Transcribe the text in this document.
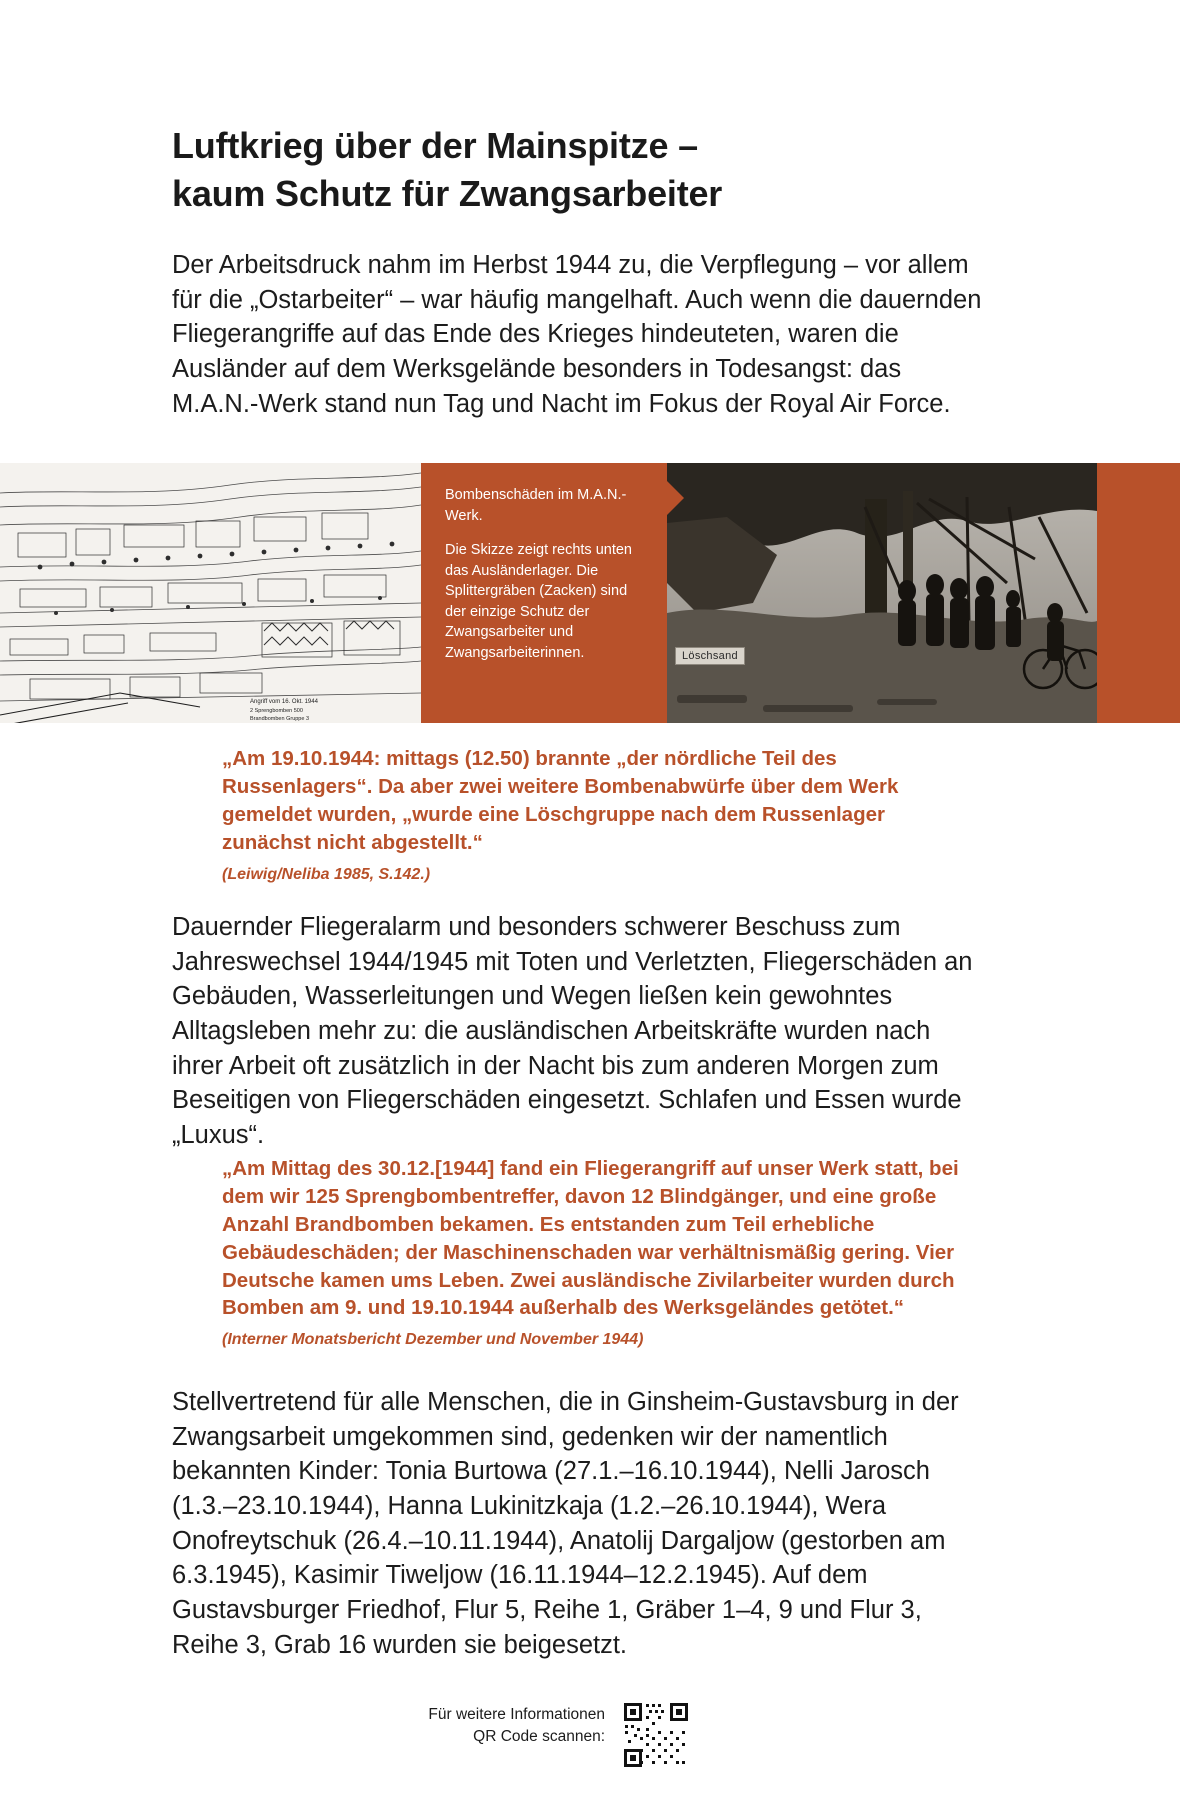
Luftkrieg über der Mainspitze –
kaum Schutz für Zwangsarbeiter
Der Arbeitsdruck nahm im Herbst 1944 zu, die Verpflegung – vor allem für die „Ostarbeiter“ – war häufig mangelhaft. Auch wenn die dauernden Fliegerangriffe auf das Ende des Krieges hindeuteten, waren die Ausländer auf dem Werksgelände besonders in Todesangst: das M.A.N.-Werk stand nun Tag und Nacht im Fokus der Royal Air Force.
Angriff vom 16. Okt. 1944
2 Sprengbomben 500
Brandbomben Gruppe 3

Bombenschäden im M.A.N.-Werk.

Die Skizze zeigt rechts unten das Ausländerlager. Die Splittergräben (Zacken) sind der einzige Schutz der Zwangsarbeiter und Zwangsarbeiterinnen.	Löschsand
„Am 19.10.1944: mittags (12.50) brannte „der nördliche Teil des Russenlagers“. Da aber zwei weitere Bombenabwürfe über dem Werk gemeldet wurden, „wurde eine Löschgruppe nach dem Russenlager zunächst nicht abgestellt.“
(Leiwig/Neliba 1985, S.142.)
Dauernder Fliegeralarm und besonders schwerer Beschuss zum Jahreswechsel 1944/1945 mit Toten und Verletzten, Fliegerschäden an Gebäuden, Wasserleitungen und Wegen ließen kein gewohntes Alltagsleben mehr zu: die ausländischen Arbeitskräfte wurden nach ihrer Arbeit oft zusätzlich in der Nacht bis zum anderen Morgen zum Beseitigen von Fliegerschäden eingesetzt. Schlafen und Essen wurde „Luxus“.
„Am Mittag des 30.12.[1944] fand ein Fliegerangriff auf unser Werk statt, bei dem wir 125 Sprengbombentreffer, davon 12 Blindgänger, und eine große Anzahl Brandbomben bekamen. Es entstanden zum Teil erhebliche Gebäudeschäden; der Maschinenschaden war verhältnismäßig gering. Vier Deutsche kamen ums Leben. Zwei ausländische Zivilarbeiter wurden durch Bomben am 9. und 19.10.1944 außerhalb des Werksgeländes getötet.“
(Interner Monatsbericht Dezember und November 1944)
Stellvertretend für alle Menschen, die in Ginsheim-Gustavsburg in der Zwangsarbeit umgekommen sind, gedenken wir der namentlich bekannten Kinder: Tonia Burtowa (27.1.–16.10.1944), Nelli Jarosch (1.3.–23.10.1944), Hanna Lukinitzkaja (1.2.–26.10.1944), Wera Onofreytschuk (26.4.–10.11.1944), Anatolij Dargaljow (gestorben am 6.3.1945), Kasimir Tiweljow (16.11.1944–12.2.1945). Auf dem Gustavsburger Friedhof, Flur 5, Reihe 1, Gräber 1–4, 9 und Flur 3, Reihe 3, Grab 16 wurden sie beigesetzt.
Für weitere Informationen
QR Code scannen:
